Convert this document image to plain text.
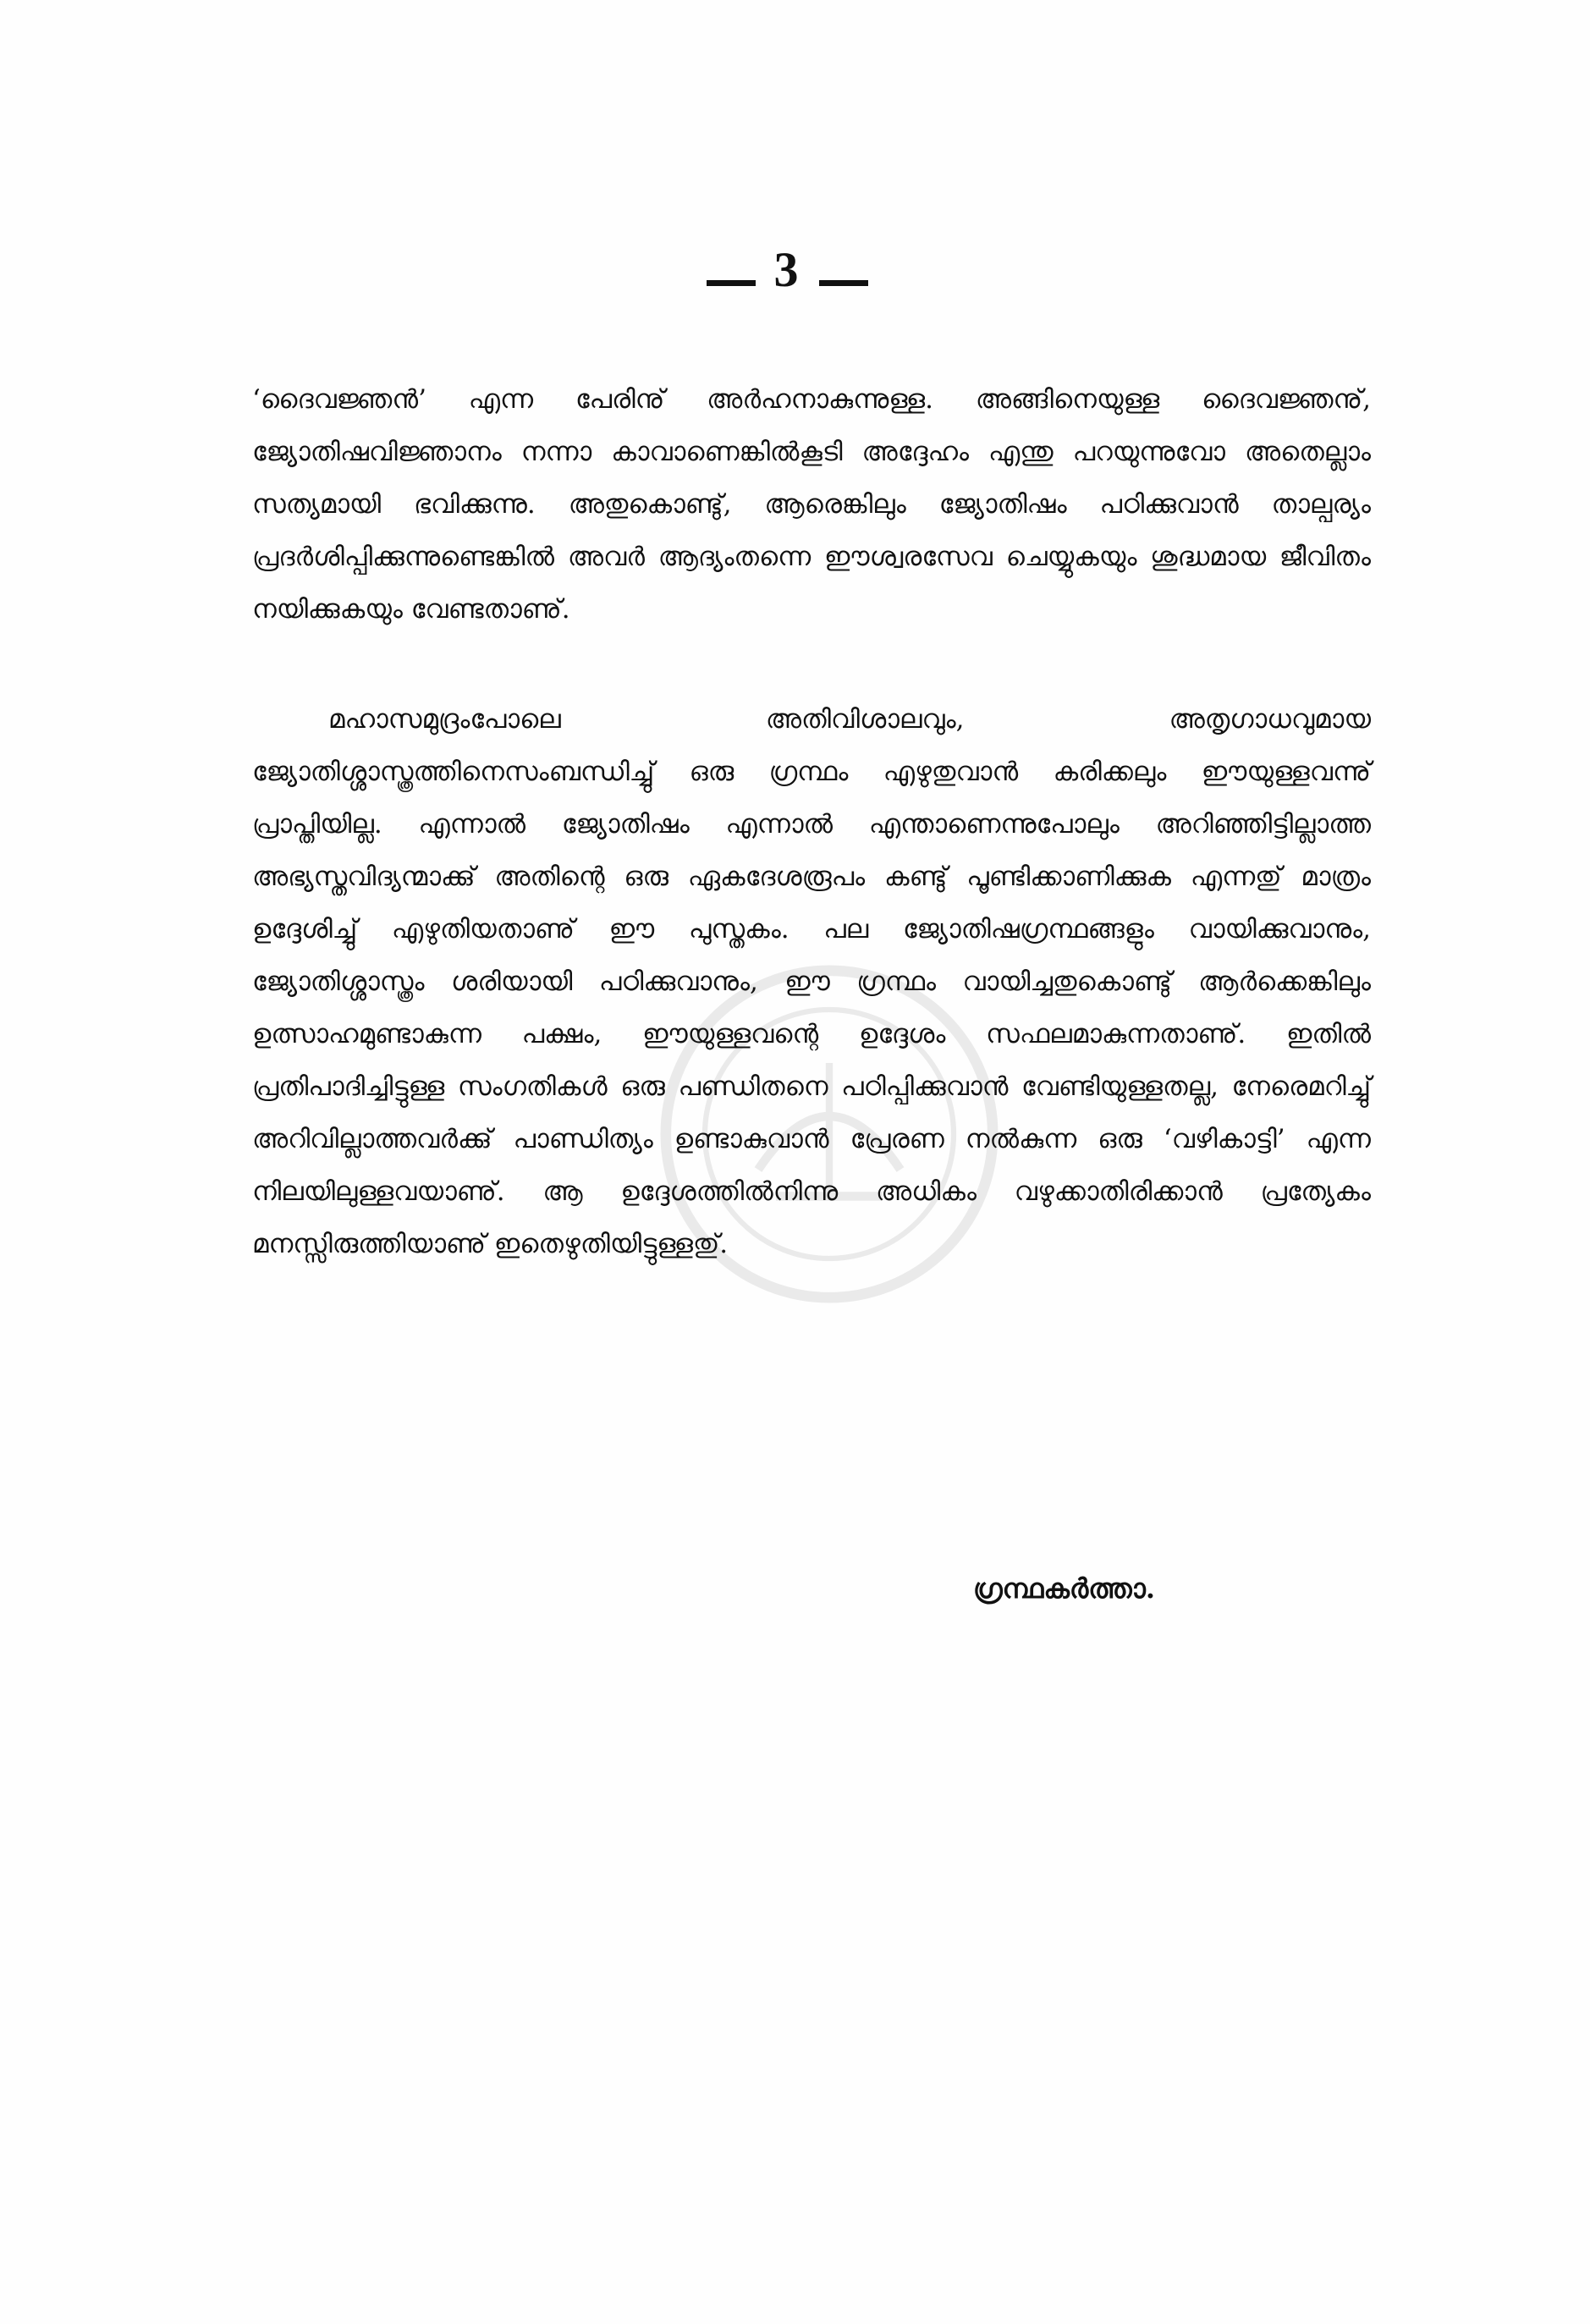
3

‘ദൈവജ്ഞൻ’ എന്ന പേരിനു് അർഹനാകുന്നുള്ള. അങ്ങിനെയുള്ള ദൈവജ്ഞനു്, ജ്യോതിഷവിജ്ഞാനം നന്നാ കാവാണെങ്കിൽകൂടി അദ്ദേഹം എന്തു പറയുന്നുവോ അതെല്ലാം സത്യമായി ഭവിക്കുന്നു. അതുകൊണ്ടു്, ആരെങ്കിലും ജ്യോതിഷം പഠിക്കുവാൻ താല്പര്യം പ്രദർശിപ്പിക്കുന്നുണ്ടെങ്കിൽ അവർ ആദ്യംതന്നെ ഈശ്വരസേവ ചെയ്യുകയും ശുദ്ധമായ ജീവിതം നയിക്കുകയും വേണ്ടതാണു്.

മഹാസമുദ്രംപോലെ അതിവിശാലവും, അതൃഗാധവുമായ ജ്യോതിശ്ശാസ്ത്രത്തിനെസംബന്ധിച്ചു് ഒരു ഗ്രന്ഥം എഴുതുവാൻ കരിക്കലും ഈയുള്ളവന്നു് പ്രാപ്തിയില്ല. എന്നാൽ ജ്യോതിഷം എന്നാൽ എന്താണെന്നുപോലും അറിഞ്ഞിട്ടില്ലാത്ത അഭ്യസ്തവിദ്യന്മാക്കു് അതിന്റെ ഒരു ഏകദേശരൂപം കണ്ടു് പൂണ്ടിക്കാണിക്കുക എന്നതു് മാത്രം ഉദ്ദേശിച്ചു് എഴുതിയതാണു് ഈ പുസ്തകം. പല ജ്യോതിഷഗ്രന്ഥങ്ങളും വായിക്കുവാനും, ജ്യോതിശ്ശാസ്ത്രം ശരിയായി പഠിക്കുവാനും, ഈ ഗ്രന്ഥം വായിച്ചതുകൊണ്ടു് ആർക്കെങ്കിലും ഉത്സാഹമുണ്ടാകുന്ന പക്ഷം, ഈയുള്ളവന്റെ ഉദ്ദേശം സഫലമാകുന്നതാണു്. ഇതിൽ പ്രതിപാദിച്ചിട്ടുള്ള സംഗതികൾ ഒരു പണ്ഡിതനെ പഠിപ്പിക്കുവാൻ വേണ്ടിയുള്ളതല്ല, നേരെമറിച്ചു് അറിവില്ലാത്തവർക്കു് പാണ്ഡിത്യം ഉണ്ടാകുവാൻ പ്രേരണ നൽകുന്ന ഒരു ‘വഴികാട്ടി’ എന്ന നിലയിലുള്ളവയാണു്. ആ ഉദ്ദേശത്തിൽനിന്നു അധികം വഴുക്കാതിരിക്കാൻ പ്രത്യേകം മനസ്സിരുത്തിയാണു് ഇതെഴുതിയിട്ടുള്ളതു്.

ഗ്രന്ഥകർത്താ.
